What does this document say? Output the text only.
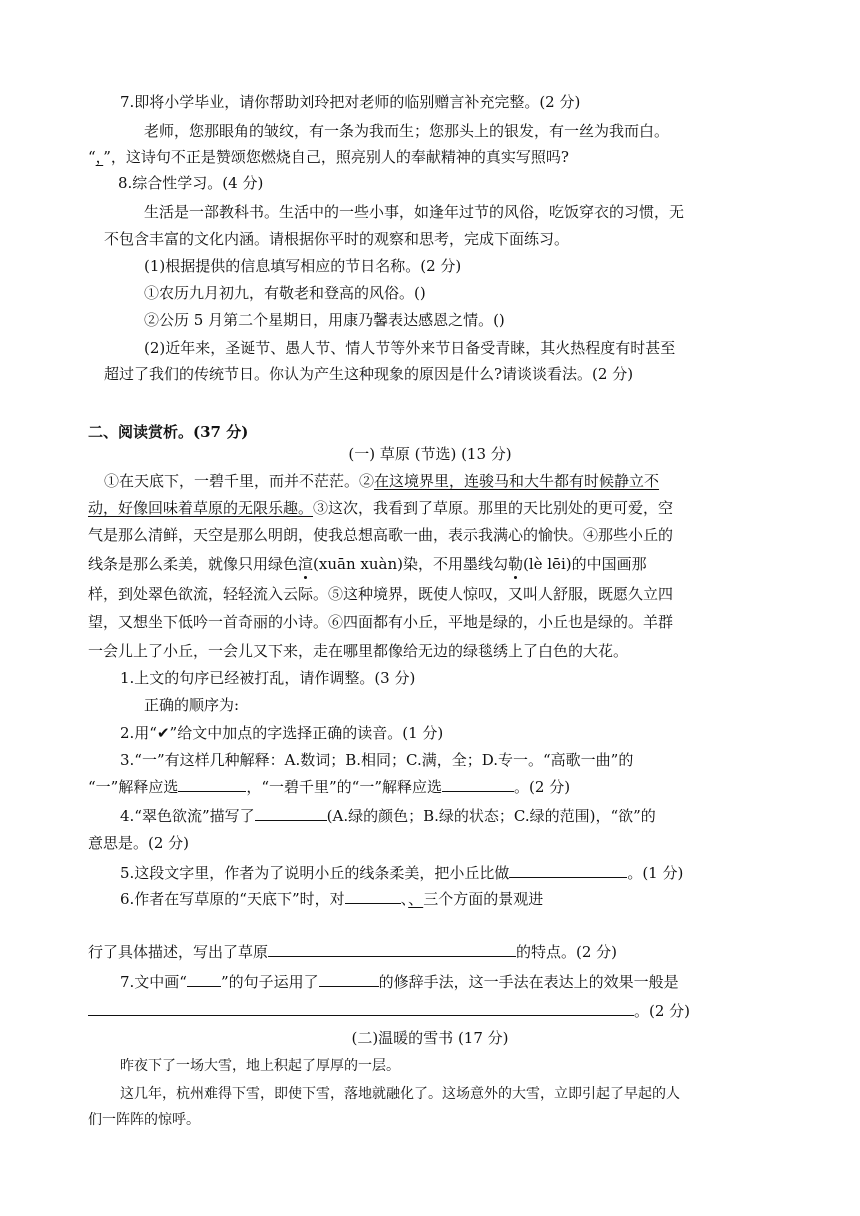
7.即将小学毕业，请你帮助刘玲把对老师的临别赠言补充完整。(2 分)
老师，您那眼角的皱纹，有一条为我而生；您那头上的银发，有一丝为我而白。
“，”，这诗句不正是赞颂您燃烧自己，照亮别人的奉献精神的真实写照吗?
8.综合性学习。(4 分)
生活是一部教科书。生活中的一些小事，如逢年过节的风俗，吃饭穿衣的习惯，无
不包含丰富的文化内涵。请根据你平时的观察和思考，完成下面练习。
(1)根据提供的信息填写相应的节日名称。(2 分)
①农历九月初九，有敬老和登高的风俗。()
②公历 5 月第二个星期日，用康乃馨表达感恩之情。()
(2)近年来，圣诞节、愚人节、情人节等外来节日备受青睐，其火热程度有时甚至
超过了我们的传统节日。你认为产生这种现象的原因是什么?请谈谈看法。(2 分)
二、阅读赏析。(37 分)
(一) 草原 (节选) (13 分)
①在天底下，一碧千里，而并不茫茫。②在这境界里，连骏马和大牛都有时候静立不
动，好像回味着草原的无限乐趣。③这次，我看到了草原。那里的天比别处的更可爱，空
气是那么清鲜，天空是那么明朗，使我总想高歌一曲，表示我满心的愉快。④那些小丘的
线条是那么柔美，就像只用绿色渲(xuān xuàn)染，不用墨线勾勒(lè lēi)的中国画那
样，到处翠色欲流，轻轻流入云际。⑤这种境界，既使人惊叹，又叫人舒服，既愿久立四
望，又想坐下低吟一首奇丽的小诗。⑥四面都有小丘，平地是绿的，小丘也是绿的。羊群
一会儿上了小丘，一会儿又下来，走在哪里都像给无边的绿毯绣上了白色的大花。
1.上文的句序已经被打乱，请作调整。(3 分)
正确的顺序为:
2.用“✔”给文中加点的字选择正确的读音。(1 分)
3.“一”有这样几种解释：A.数词；B.相同；C.满，全；D.专一。“高歌一曲”的
“一”解释应选	，“一碧千里”的“一”解释应选	。(2 分)
4.“翠色欲流”描写了	(A.绿的颜色；B.绿的状态；C.绿的范围)，“欲”的
意思是。(2 分)
5.这段文字里，作者为了说明小丘的线条柔美，把小丘比做	。(1 分)
6.作者在写草原的“天底下”时，对	、、三个方面的景观进
行了具体描述，写出了草原	的特点。(2 分)
7.文中画“ ”的句子运用了	的修辞手法，这一手法在表达上的效果一般是
。(2 分)
(二)温暖的雪书 (17 分)
昨夜下了一场大雪，地上积起了厚厚的一层。
这几年，杭州难得下雪，即使下雪，落地就融化了。这场意外的大雪，立即引起了早起的人
们一阵阵的惊呼。
